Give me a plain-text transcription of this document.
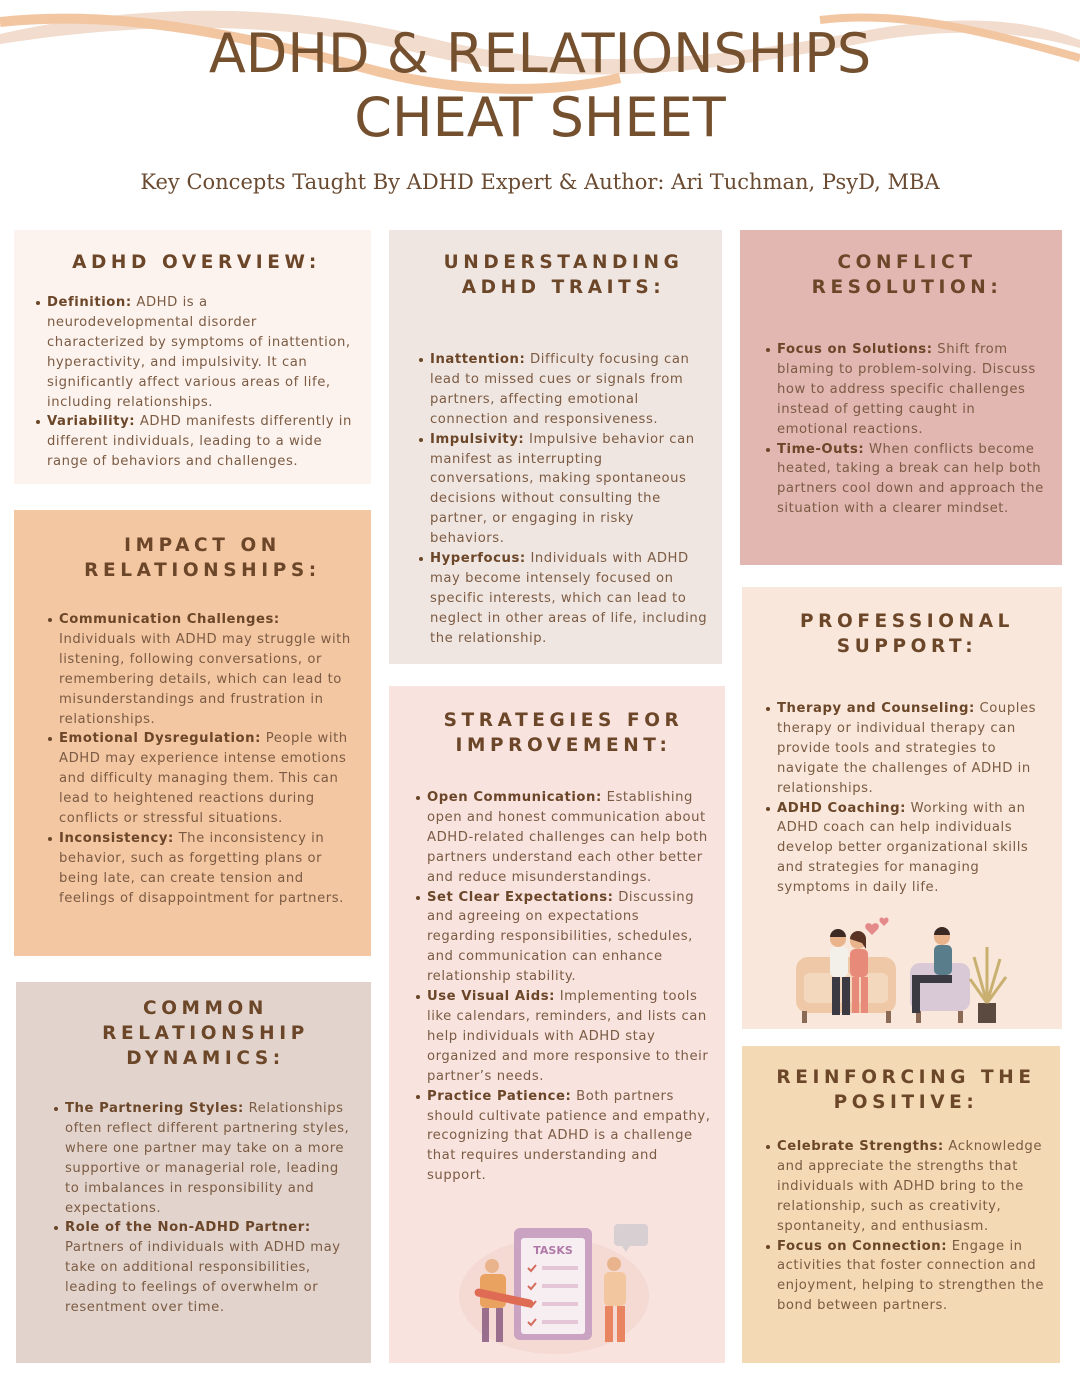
ADHD & RELATIONSHIPS
CHEAT SHEET
Key Concepts Taught By ADHD Expert & Author: Ari Tuchman, PsyD, MBA
ADHD OVERVIEW:
Definition: ADHD is a neurodevelopmental disorder characterized by symptoms of inattention, hyperactivity, and impulsivity. It can significantly affect various areas of life, including relationships.
Variability: ADHD manifests differently in different individuals, leading to a wide range of behaviors and challenges.
IMPACT ON
RELATIONSHIPS:
Communication Challenges: Individuals with ADHD may struggle with listening, following conversations, or remembering details, which can lead to misunderstandings and frustration in relationships.
Emotional Dysregulation: People with ADHD may experience intense emotions and difficulty managing them. This can lead to heightened reactions during conflicts or stressful situations.
Inconsistency: The inconsistency in behavior, such as forgetting plans or being late, can create tension and feelings of disappointment for partners.
COMMON
RELATIONSHIP
DYNAMICS:
The Partnering Styles: Relationships often reflect different partnering styles, where one partner may take on a more supportive or managerial role, leading to imbalances in responsibility and expectations.
Role of the Non-ADHD Partner: Partners of individuals with ADHD may take on additional responsibilities, leading to feelings of overwhelm or resentment over time.
UNDERSTANDING
ADHD TRAITS:
Inattention: Difficulty focusing can lead to missed cues or signals from partners, affecting emotional connection and responsiveness.
Impulsivity: Impulsive behavior can manifest as interrupting conversations, making spontaneous decisions without consulting the partner, or engaging in risky behaviors.
Hyperfocus: Individuals with ADHD may become intensely focused on specific interests, which can lead to neglect in other areas of life, including the relationship.
STRATEGIES FOR
IMPROVEMENT:
Open Communication: Establishing open and honest communication about ADHD-related challenges can help both partners understand each other better and reduce misunderstandings.
Set Clear Expectations: Discussing and agreeing on expectations regarding responsibilities, schedules, and communication can enhance relationship stability.
Use Visual Aids: Implementing tools like calendars, reminders, and lists can help individuals with ADHD stay organized and more responsive to their partner’s needs.
Practice Patience: Both partners should cultivate patience and empathy, recognizing that ADHD is a challenge that requires understanding and support.
TASKS
CONFLICT
RESOLUTION:
Focus on Solutions: Shift from blaming to problem-solving. Discuss how to address specific challenges instead of getting caught in emotional reactions.
Time-Outs: When conflicts become heated, taking a break can help both partners cool down and approach the situation with a clearer mindset.
PROFESSIONAL
SUPPORT:
Therapy and Counseling: Couples therapy or individual therapy can provide tools and strategies to navigate the challenges of ADHD in relationships.
ADHD Coaching: Working with an ADHD coach can help individuals develop better organizational skills and strategies for managing symptoms in daily life.
REINFORCING THE
POSITIVE:
Celebrate Strengths: Acknowledge and appreciate the strengths that individuals with ADHD bring to the relationship, such as creativity, spontaneity, and enthusiasm.
Focus on Connection: Engage in activities that foster connection and enjoyment, helping to strengthen the bond between partners.
